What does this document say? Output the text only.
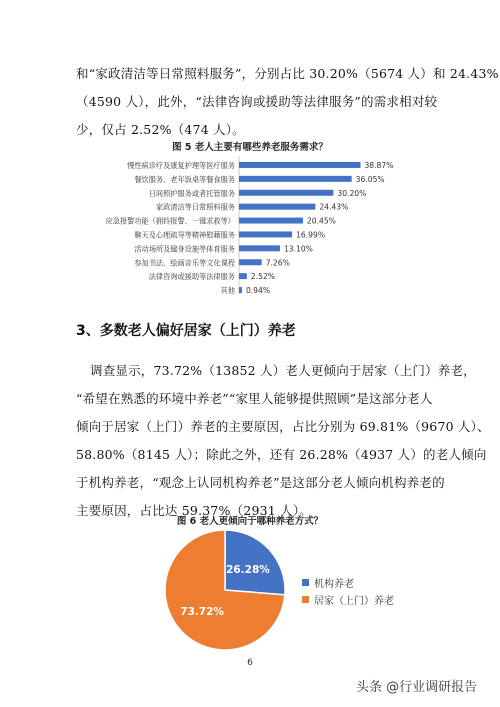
和“家政清洁等日常照料服务”，分别占比 30.20%（5674 人）和 24.43%
（4590 人），此外，“法律咨询或援助等法律服务”的需求相对较
少，仅占 2.52%（474 人）。
图 5 老人主要有哪些养老服务需求？
慢性病诊疗及康复护理等医疗服务	38.87%
餐饮服务、老年饭桌等餐食服务	36.05%
日间照护服务或者托管服务	30.20%
家政清洁等日常照料服务	24.43%
应急报警功能（拥铃报警、一键求救等）	20.45%
聊天及心理疏导等精神慰藉服务	16.99%
活动场所及健身设施等体育服务	13.10%
参加书法、绘画音乐等文化课程	7.26%
法律咨询或援助等法律服务 2.52%
其他 0.94%
3、多数老人偏好居家（上门）养老
调查显示，73.72%（13852 人）老人更倾向于居家（上门）养老，
“希望在熟悉的环境中养老”“家里人能够提供照顾”是这部分老人
倾向于居家（上门）养老的主要原因，占比分别为 69.81%（9670 人）、
58.80%（8145 人）；除此之外，还有 26.28%（4937 人）的老人倾向
于机构养老，“观念上认同机构养老”是这部分老人倾向机构养老的
主要原因，占比达 59.37%（2931 人）。
图 6 老人更倾向于哪种养老方式？
26.28%
73.72%
机构养老
居家（上门）养老
6
头条 @行业调研报告
